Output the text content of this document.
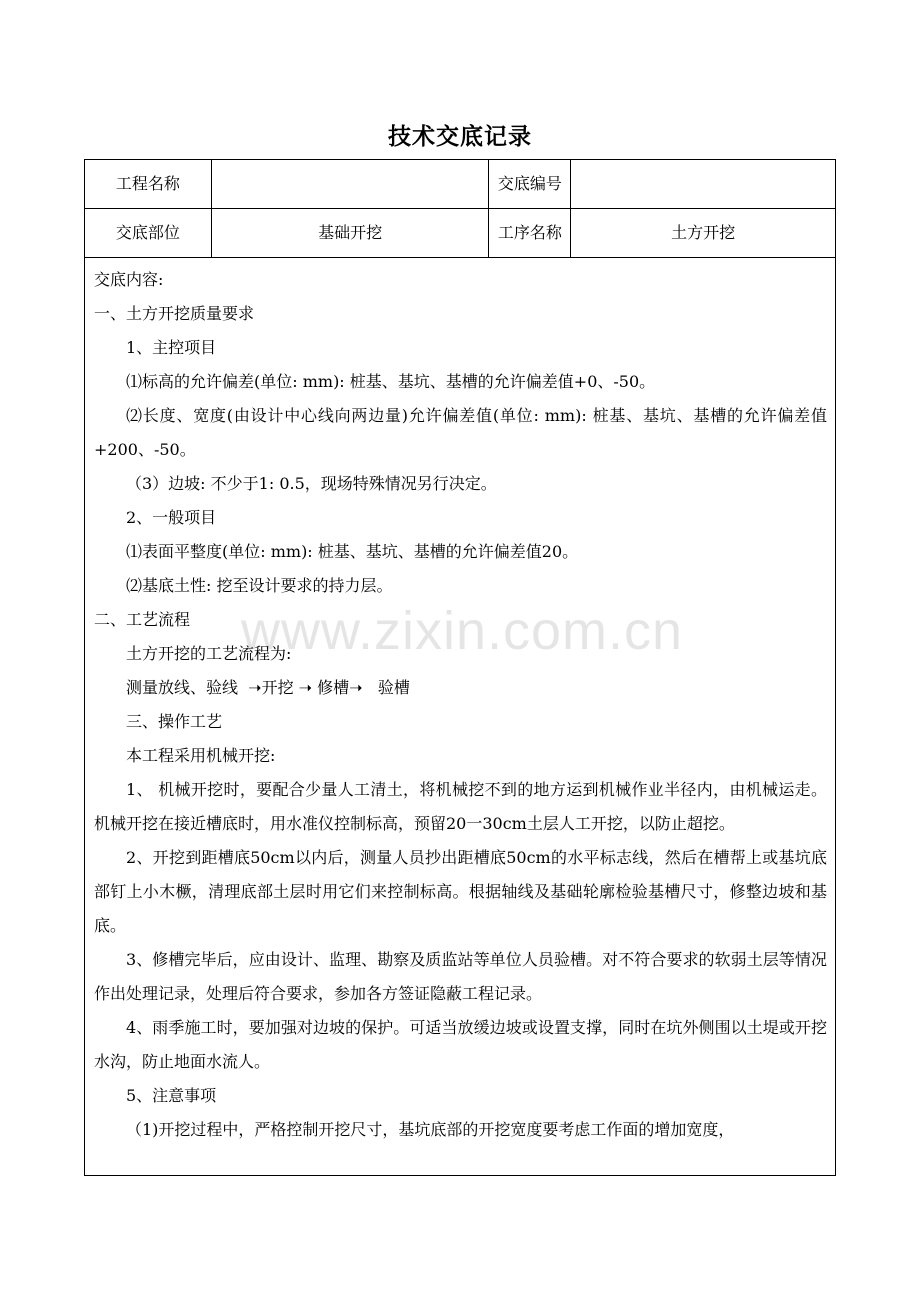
技术交底记录
工程名称		交底编号	
交底部位	基础开挖	工序名称	土方开挖

交底内容:

一、土方开挖质量要求

1、主控项目

⑴标高的允许偏差(单位: mm): 桩基、基坑、基槽的允许偏差值+0、-50。

⑵长度、宽度(由设计中心线向两边量)允许偏差值(单位: mm): 桩基、基坑、基槽的允许偏差值+200、-50。

（3）边坡: 不少于1: 0.5，现场特殊情况另行决定。

2、一般项目

⑴表面平整度(单位: mm): 桩基、基坑、基槽的允许偏差值20。

⑵基底土性: 挖至设计要求的持力层。

二、工艺流程

土方开挖的工艺流程为:

测量放线、验线  ➝开挖 ➝ 修槽➝   验槽

三、操作工艺

本工程采用机械开挖:

1、 机械开挖时，要配合少量人工清土，将机械挖不到的地方运到机械作业半径内，由机械运走。机械开挖在接近槽底时，用水准仪控制标高，预留20一30cm土层人工开挖，以防止超挖。

2、开挖到距槽底50cm以内后，测量人员抄出距槽底50cm的水平标志线，然后在槽帮上或基坑底部钉上小木橛，清理底部土层时用它们来控制标高。根据轴线及基础轮廓检验基槽尺寸，修整边坡和基底。

3、修槽完毕后，应由设计、监理、勘察及质监站等单位人员验槽。对不符合要求的软弱土层等情况作出处理记录，处理后符合要求，参加各方签证隐蔽工程记录。

4、雨季施工时，要加强对边坡的保护。可适当放缓边坡或设置支撑，同时在坑外侧围以土堤或开挖水沟，防止地面水流人。

5、注意事项

（1)开挖过程中，严格控制开挖尺寸，基坑底部的开挖宽度要考虑工作面的增加宽度，

www.zixin.com.cn
